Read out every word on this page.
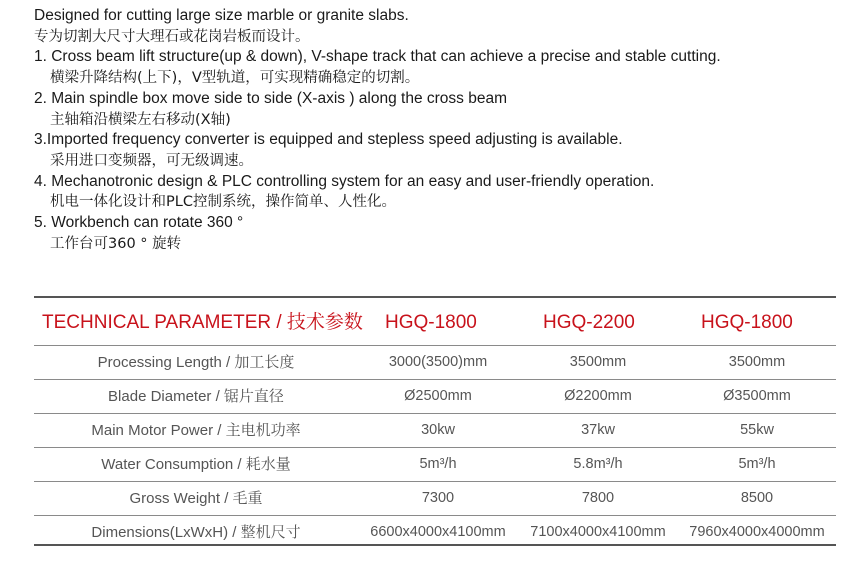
Designed for cutting large size marble or granite slabs.
专为切割大尺寸大理石或花岗岩板而设计。
1. Cross beam lift structure(up & down), V-shape track that can achieve a precise and stable cutting.
横梁升降结构(上下)，V型轨道，可实现精确稳定的切割。
2. Main spindle box move side to side (X-axis ) along the cross beam
主轴箱沿横梁左右移动(X轴)
3.Imported frequency converter is equipped and stepless speed adjusting is available.
采用进口变频器，可无级调速。
4. Mechanotronic design & PLC controlling system for an easy and user-friendly operation.
机电一体化设计和PLC控制系统，操作简单、人性化。
5. Workbench can rotate 360 °
工作台可360 ° 旋转
TECHNICAL PARAMETER / 技术参数 HGQ-1800	HGQ-2200	HGQ-1800
Processing Length / 加工长度	3000(3500)mm	3500mm	3500mm
Blade Diameter / 锯片直径	Ø2500mm	Ø2200mm	Ø3500mm
Main Motor Power / 主电机功率	30kw	37kw	55kw
Water Consumption / 耗水量	5m³/h	5.8m³/h	5m³/h
Gross Weight / 毛重	7300	7800	8500
Dimensions(LxWxH) / 整机尺寸	6600x4000x4100mm	7100x4000x4100mm	7960x4000x4000mm
